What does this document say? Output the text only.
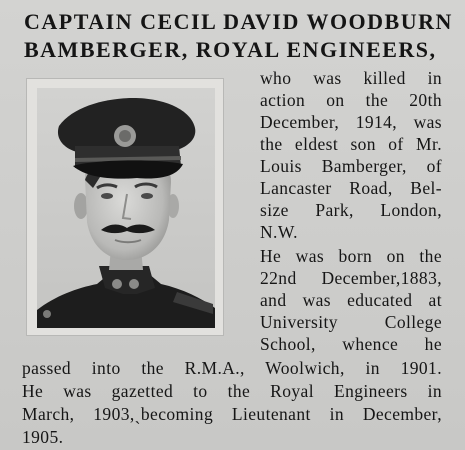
CAPTAIN CECIL DAVID WOODBURN
BAMBERGER, ROYAL ENGINEERS,
who was killed in
action on the 20th
December, 1914, was
the eldest son of Mr.
Louis Bamberger, of
Lancaster Road, Bel-
size Park, London,
N.W.
He was born on the
22nd December,1883,
and was educated at
University College
School, whence he
passed into the R.M.A., Woolwich, in 1901.
He was gazetted to the Royal Engineers in
March, 1903,ˏbecoming Lieutenant in December,
1905.
